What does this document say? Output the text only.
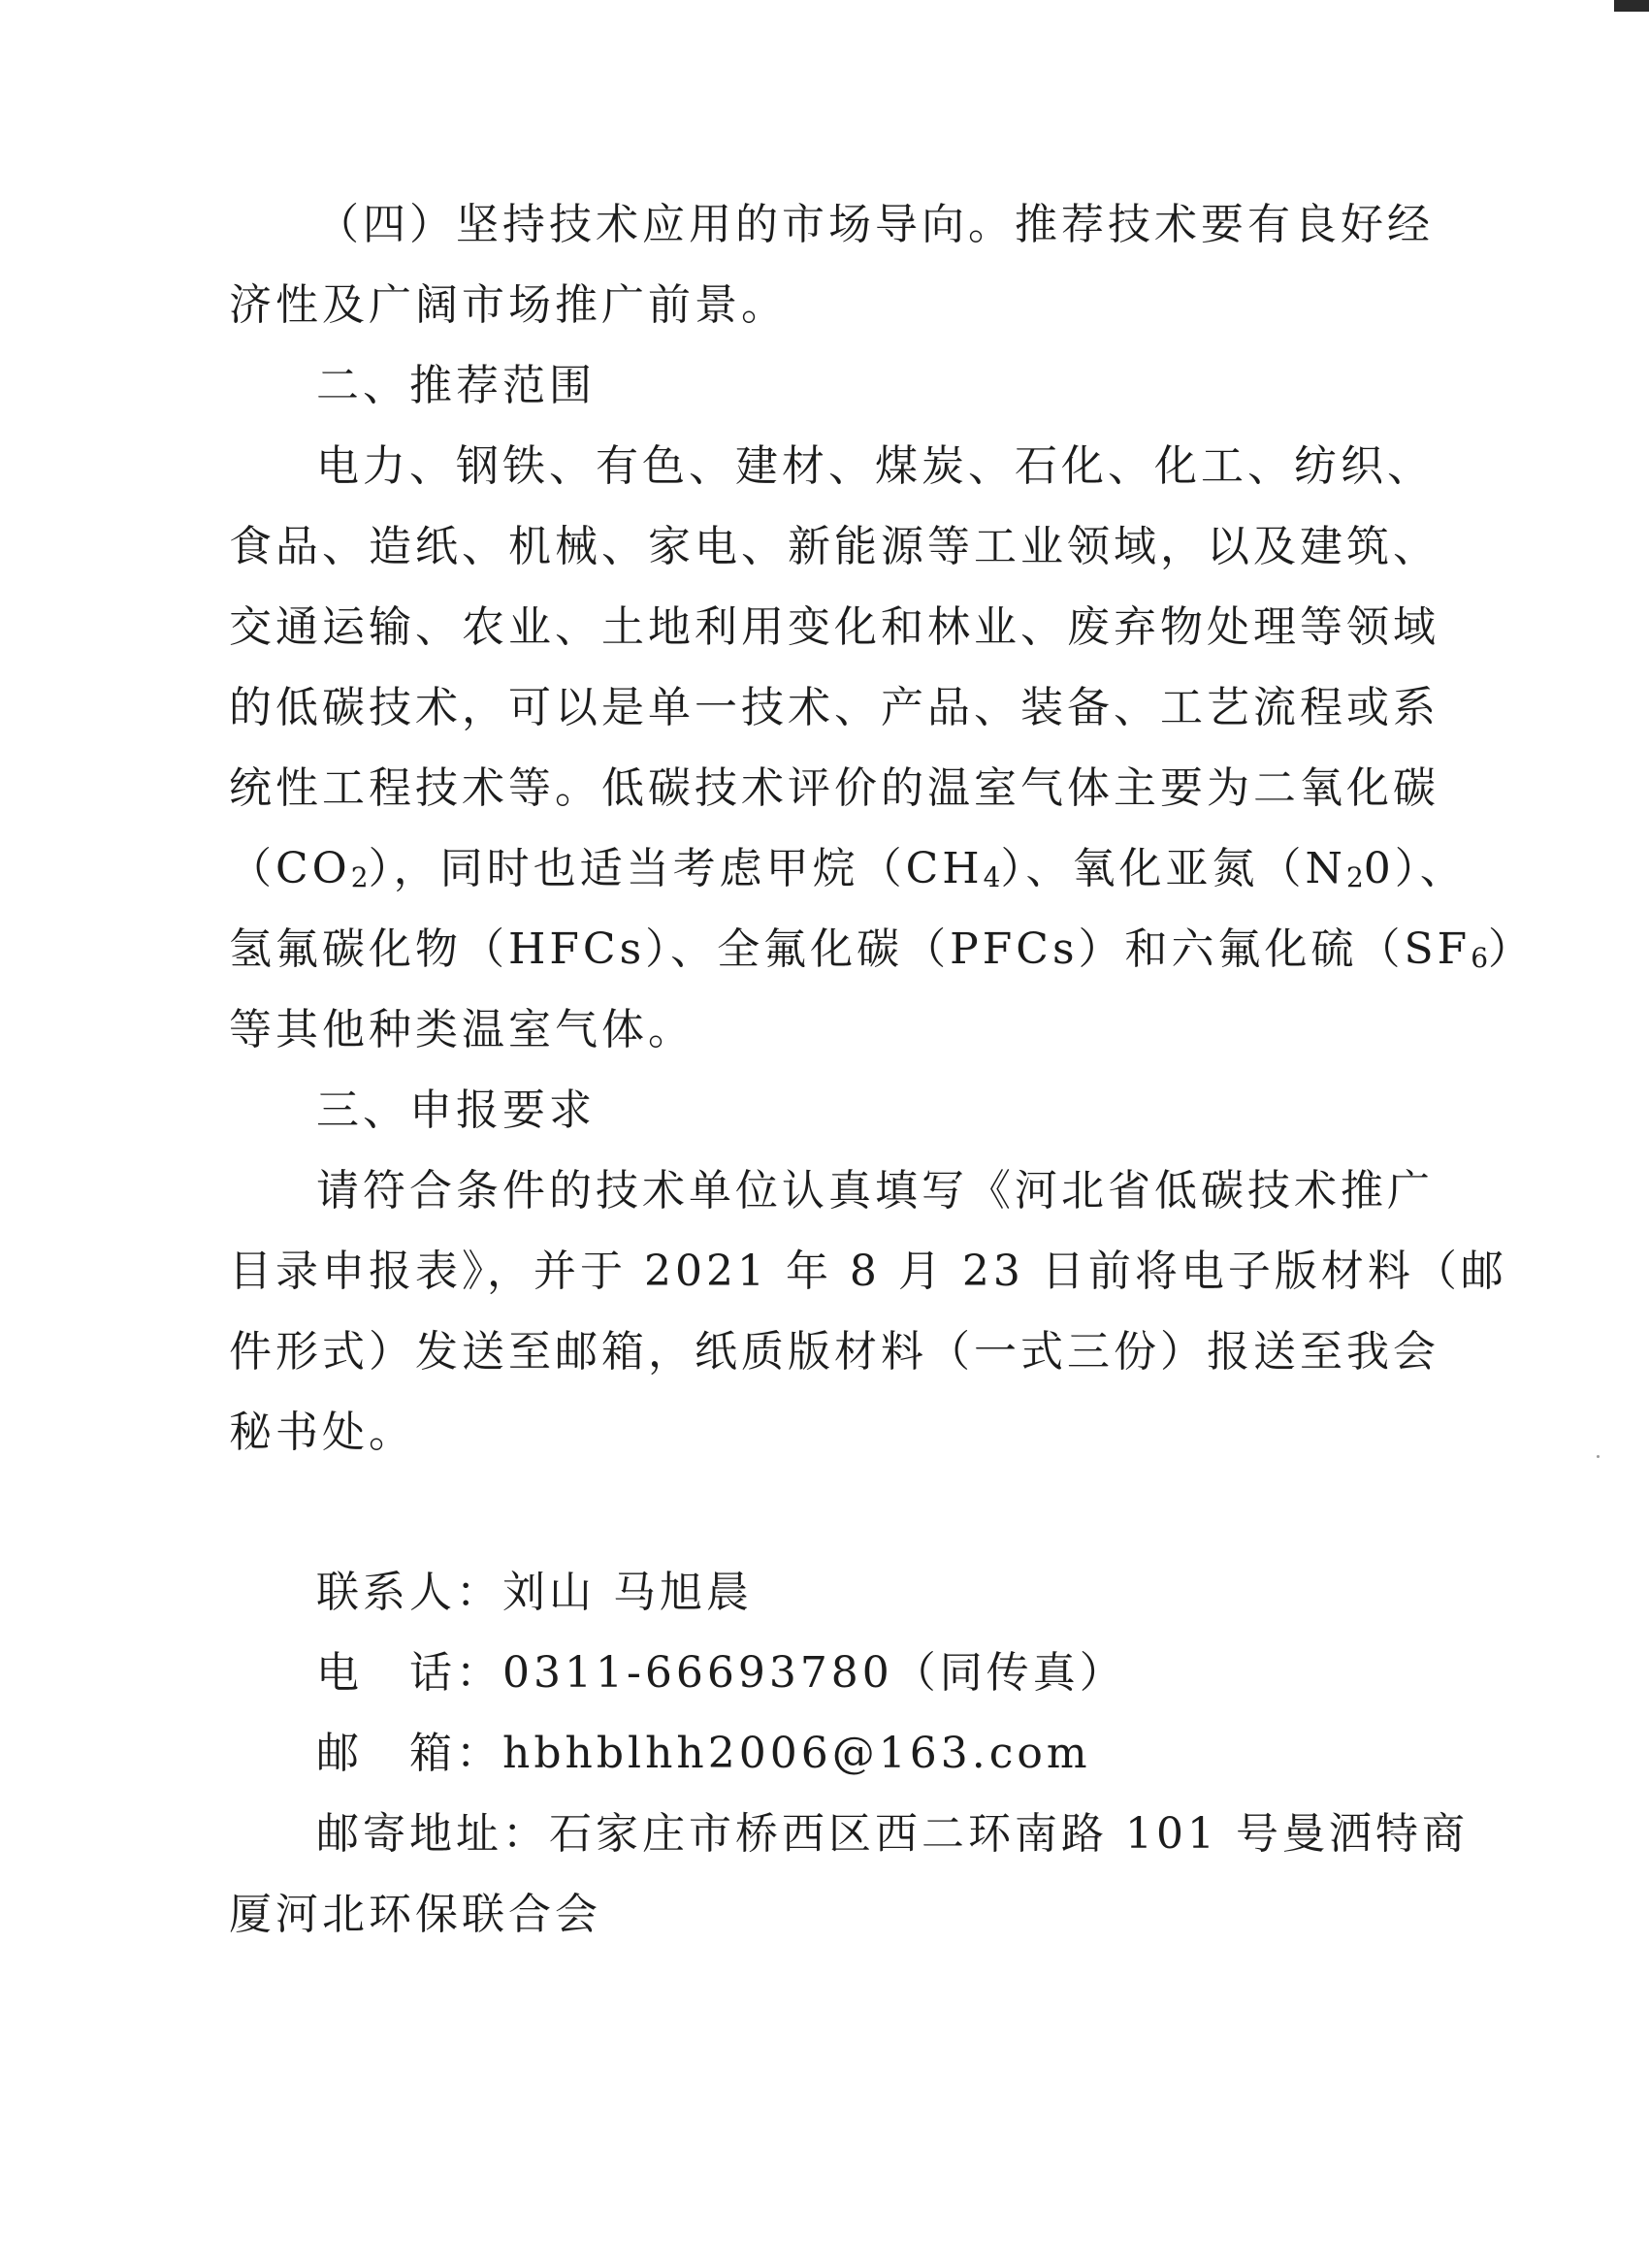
（四）坚持技术应用的市场导向。推荐技术要有良好经
济性及广阔市场推广前景。
二、推荐范围
电力、钢铁、有色、建材、煤炭、石化、化工、纺织、
食品、造纸、机械、家电、新能源等工业领域，以及建筑、
交通运输、农业、土地利用变化和林业、废弃物处理等领域
的低碳技术，可以是单一技术、产品、装备、工艺流程或系
统性工程技术等。低碳技术评价的温室气体主要为二氧化碳
$(CO_2)$，同时也适当考虑甲烷$(CH_4)$、氧化亚氮$(N_20)$、
氢氟碳化物（HFCs）、全氟化碳（PFCs）和六氟化硫$(SF_6)$
等其他种类温室气体。
三、申报要求
请符合条件的技术单位认真填写《河北省低碳技术推广
目录申报表》，并于 2021 年 8 月 23 日前将电子版材料（邮
件形式）发送至邮箱，纸质版材料（一式三份）报送至我会
秘书处。
联系人：刘山 马旭晨
电　话：0311-66693780（同传真）
邮　箱：hbhblhh2006@163.com
邮寄地址：石家庄市桥西区西二环南路 101 号曼洒特商
厦河北环保联合会
